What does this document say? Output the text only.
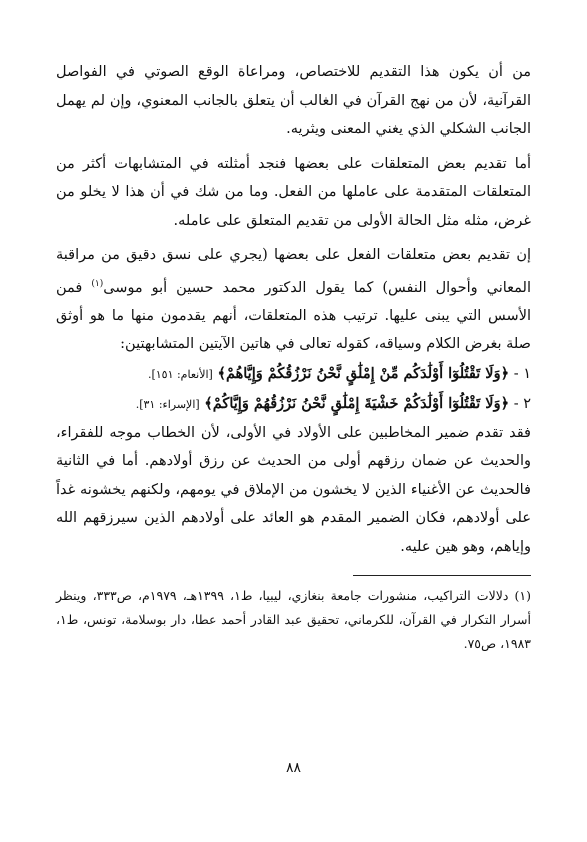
من أن يكون هذا التقديم للاختصاص، ومراعاة الوقع الصوتي في الفواصل القرآنية، لأن من نهج القرآن في الغالب أن يتعلق بالجانب المعنوي، وإن لم يهمل الجانب الشكلي الذي يغني المعنى ويثريه.

أما تقديم بعض المتعلقات على بعضها فنجد أمثلته في المتشابهات أكثر من المتعلقات المتقدمة على عاملها من الفعل. وما من شك في أن هذا لا يخلو من غرض، مثله مثل الحالة الأولى من تقديم المتعلق على عامله.

إن تقديم بعض متعلقات الفعل على بعضها (يجري على نسق دقيق من مراقبة المعاني وأحوال النفس) كما يقول الدكتور محمد حسين أبو موسى$^{(١)}$ فمن الأسس التي يبنى عليها. ترتيب هذه المتعلقات، أنهم يقدمون منها ما هو أوثق صلة بغرض الكلام وسياقه، كقوله تعالى في هاتين الآيتين المتشابهتين:

١ - ﴿وَلَا تَقْتُلُوٓا أَوْلَٰدَكُم مِّنْ إِمْلَٰقٍ نَّحْنُ نَرْزُقُكُمْ وَإِيَّاهُمْ﴾ [الأنعام: ١٥١].

٢ - ﴿وَلَا تَقْتُلُوٓا أَوْلَٰدَكُمْ خَشْيَةَ إِمْلَٰقٍ نَّحْنُ نَرْزُقُهُمْ وَإِيَّاكُمْ﴾ [الإسراء: ٣١].

فقد تقدم ضمير المخاطبين على الأولاد في الأولى، لأن الخطاب موجه للفقراء، والحديث عن ضمان رزقهم أولى من الحديث عن رزق أولادهم. أما في الثانية فالحديث عن الأغنياء الذين لا يخشون من الإملاق في يومهم، ولكنهم يخشونه غداً على أولادهم، فكان الضمير المقدم هو العائد على أولادهم الذين سيرزقهم الله وإياهم، وهو هين عليه.

(١) دلالات التراكيب، منشورات جامعة بنغازي، ليبيا، ط١، ١٣٩٩هـ، ١٩٧٩م، ص٣٣٣، وينظر أسرار التكرار في القرآن، للكرماني، تحقيق عبد القادر أحمد عطا، دار بوسلامة، تونس، ط١، ١٩٨٣، ص٧٥.

٨٨
